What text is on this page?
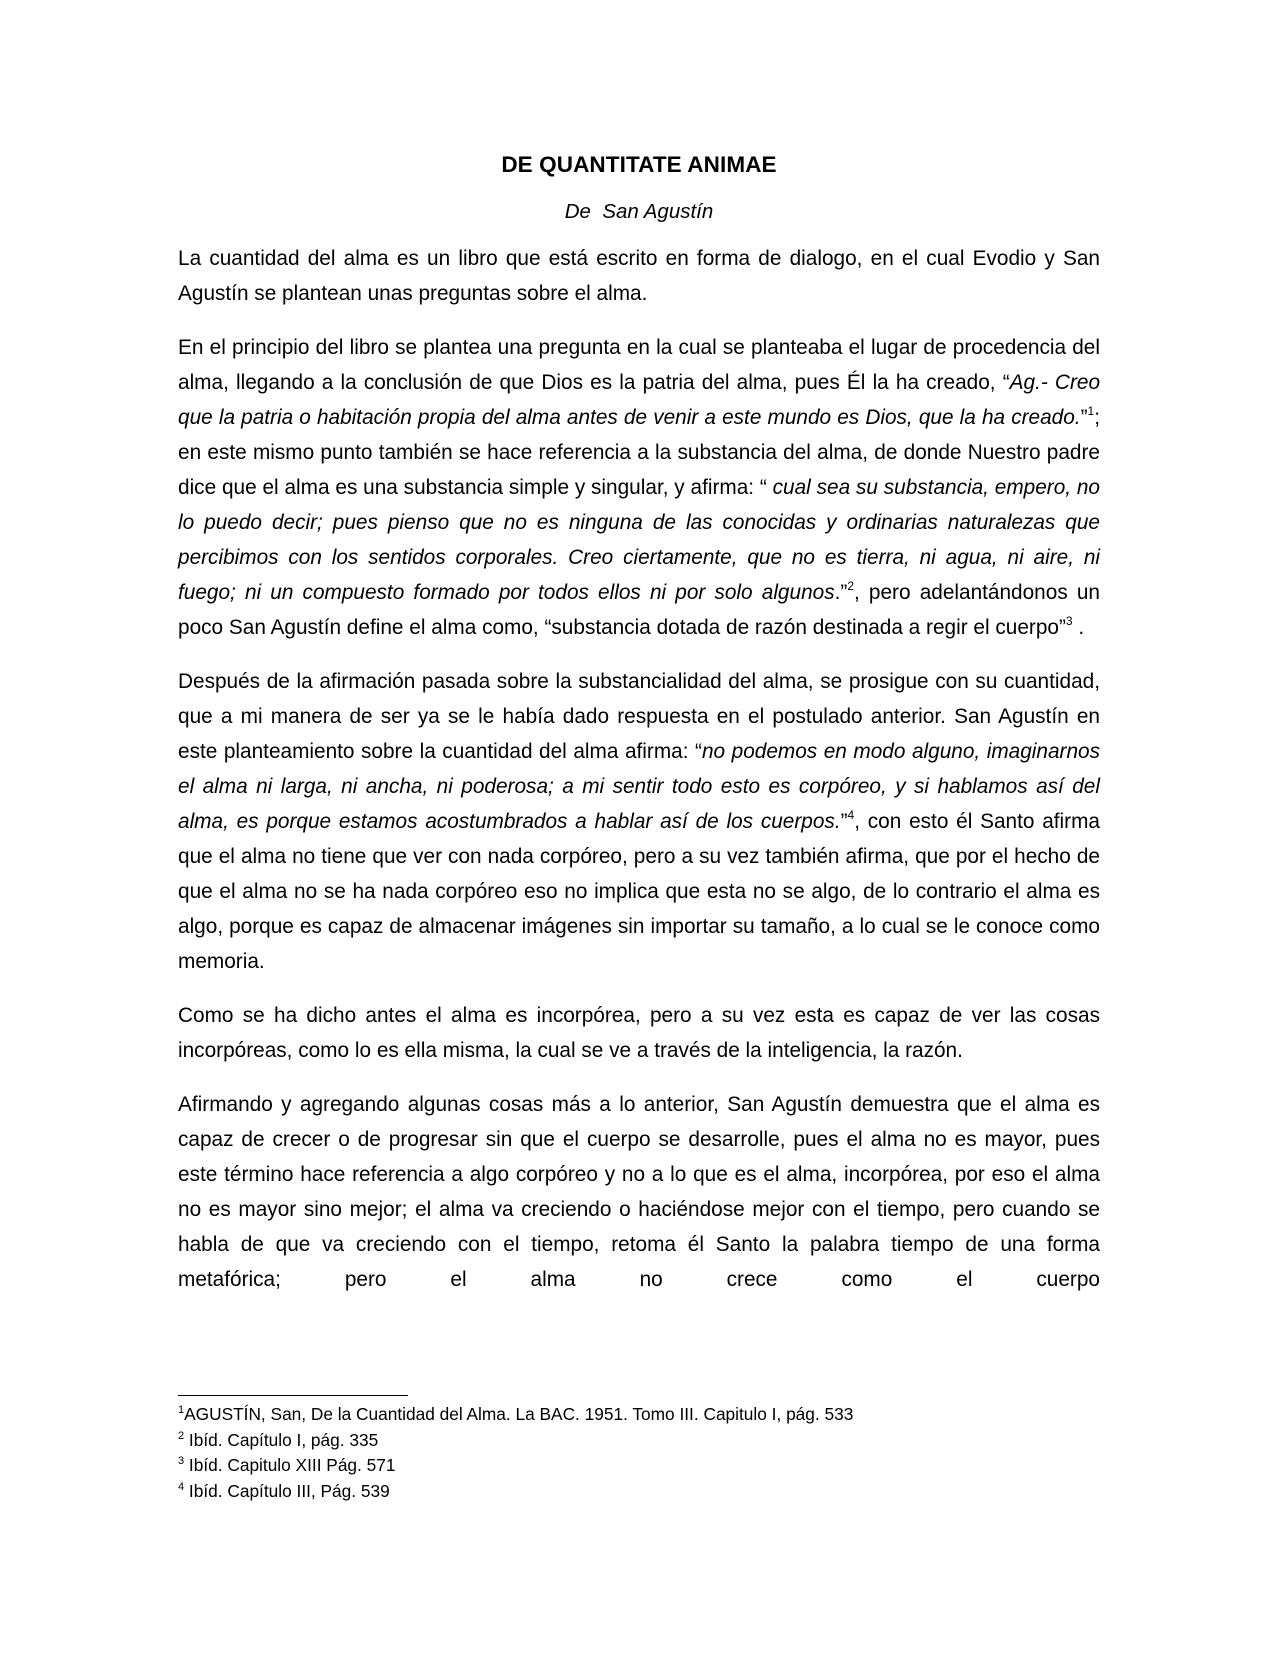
DE QUANTITATE ANIMAE
De  San Agustín

La cuantidad del alma es un libro que está escrito en forma de dialogo, en el cual Evodio y San Agustín se plantean unas preguntas sobre el alma.

En el principio del libro se plantea una pregunta en la cual se planteaba el lugar de procedencia del alma, llegando a la conclusión de que Dios es la patria del alma, pues Él la ha creado, “Ag.- Creo que la patria o habitación propia del alma antes de venir a este mundo es Dios, que la ha creado.”$^1$; en este mismo punto también se hace referencia a la substancia del alma, de donde Nuestro padre dice que el alma es una substancia simple y singular, y afirma: “ cual sea su substancia, empero, no lo puedo decir; pues pienso que no es ninguna de las conocidas y ordinarias naturalezas que percibimos con los sentidos corporales. Creo ciertamente, que no es tierra, ni agua, ni aire, ni fuego; ni un compuesto formado por todos ellos ni por solo algunos.”$^2$, pero adelantándonos un poco San Agustín define el alma como, “substancia dotada de razón destinada a regir el cuerpo”$^3$ .

Después de la afirmación pasada sobre la substancialidad del alma, se prosigue con su cuantidad, que a mi manera de ser ya se le había dado respuesta en el postulado anterior. San Agustín en este planteamiento sobre la cuantidad del alma afirma: “no podemos en modo alguno, imaginarnos el alma ni larga, ni ancha, ni poderosa; a mi sentir todo esto es corpóreo, y si hablamos así del alma, es porque estamos acostumbrados a hablar así de los cuerpos.”$^4$, con esto él Santo afirma que el alma no tiene que ver con nada corpóreo, pero a su vez también afirma, que por el hecho de que el alma no se ha nada corpóreo eso no implica que esta no se algo, de lo contrario el alma es algo, porque es capaz de almacenar imágenes sin importar su tamaño, a lo cual se le conoce como memoria.

Como se ha dicho antes el alma es incorpórea, pero a su vez esta es capaz de ver las cosas incorpóreas, como lo es ella misma, la cual se ve a través de la inteligencia, la razón.

Afirmando y agregando algunas cosas más a lo anterior, San Agustín demuestra que el alma es capaz de crecer o de progresar sin que el cuerpo se desarrolle, pues el alma no es mayor, pues este término hace referencia a algo corpóreo y no a lo que es el alma, incorpórea, por eso el alma no es mayor sino mejor; el alma va creciendo o haciéndose mejor con el tiempo, pero cuando se habla de que va creciendo con el tiempo, retoma él Santo la palabra tiempo de una forma metafórica; pero el alma no crece como el cuerpo

$^1$AGUSTÍN, San, De la Cuantidad del Alma. La BAC. 1951. Tomo III. Capitulo I, pág. 533

$^2$ Ibíd. Capítulo I, pág. 335

$^3$ Ibíd. Capitulo XIII Pág. 571

$^4$ Ibíd. Capítulo III, Pág. 539
